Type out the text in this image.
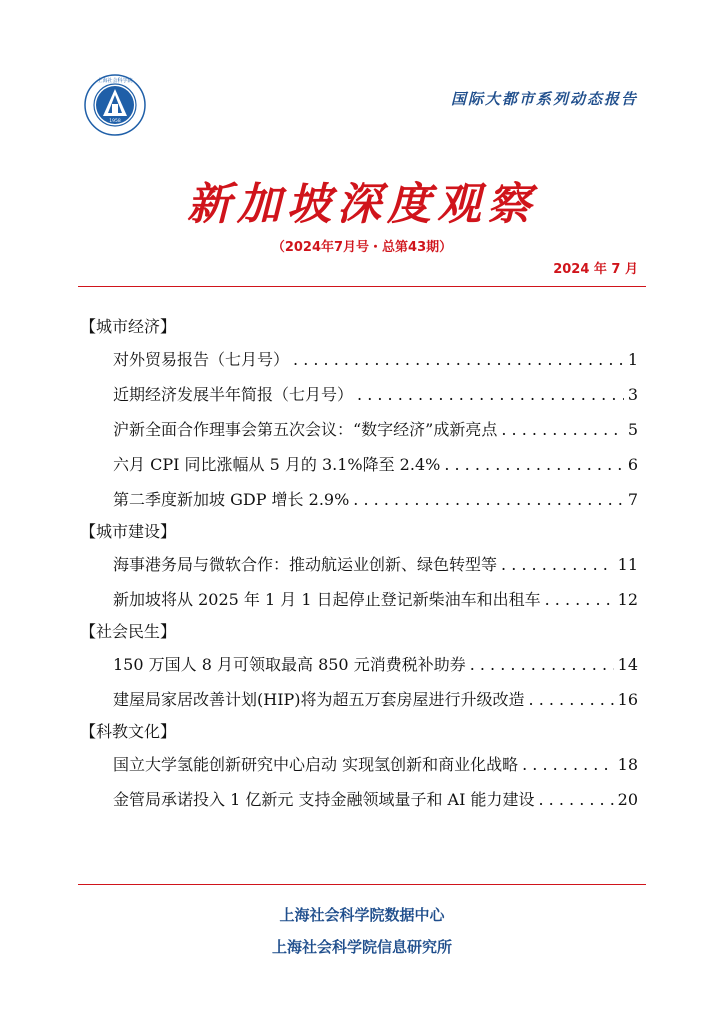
1958
上海社会科学院
国际大都市系列动态报告
新加坡深度观察
（2024年7月号・总第43期）
2024 年 7 月
【城市经济】
对外贸易报告（七月号） . . .	1
近期经济发展半年简报（七月号） . . .	3
沪新全面合作理事会第五次会议：“数字经济”成新亮点 . . .	5
六月 CPI 同比涨幅从 5 月的 3.1%降至 2.4% . . .	6
第二季度新加坡 GDP 增长 2.9% . . .	7
【城市建设】
海事港务局与微软合作：推动航运业创新、绿色转型等 . . .	11
新加坡将从 2025 年 1 月 1 日起停止登记新柴油车和出租车 . . .	12
【社会民生】
150 万国人 8 月可领取最高 850 元消费税补助券 . . .	14
建屋局家居改善计划(HIP)将为超五万套房屋进行升级改造 . . .	16
【科教文化】
国立大学氢能创新研究中心启动 实现氢创新和商业化战略 . . .	18
金管局承诺投入 1 亿新元 支持金融领域量子和 AI 能力建设 . . .	20
上海社会科学院数据中心
上海社会科学院信息研究所
